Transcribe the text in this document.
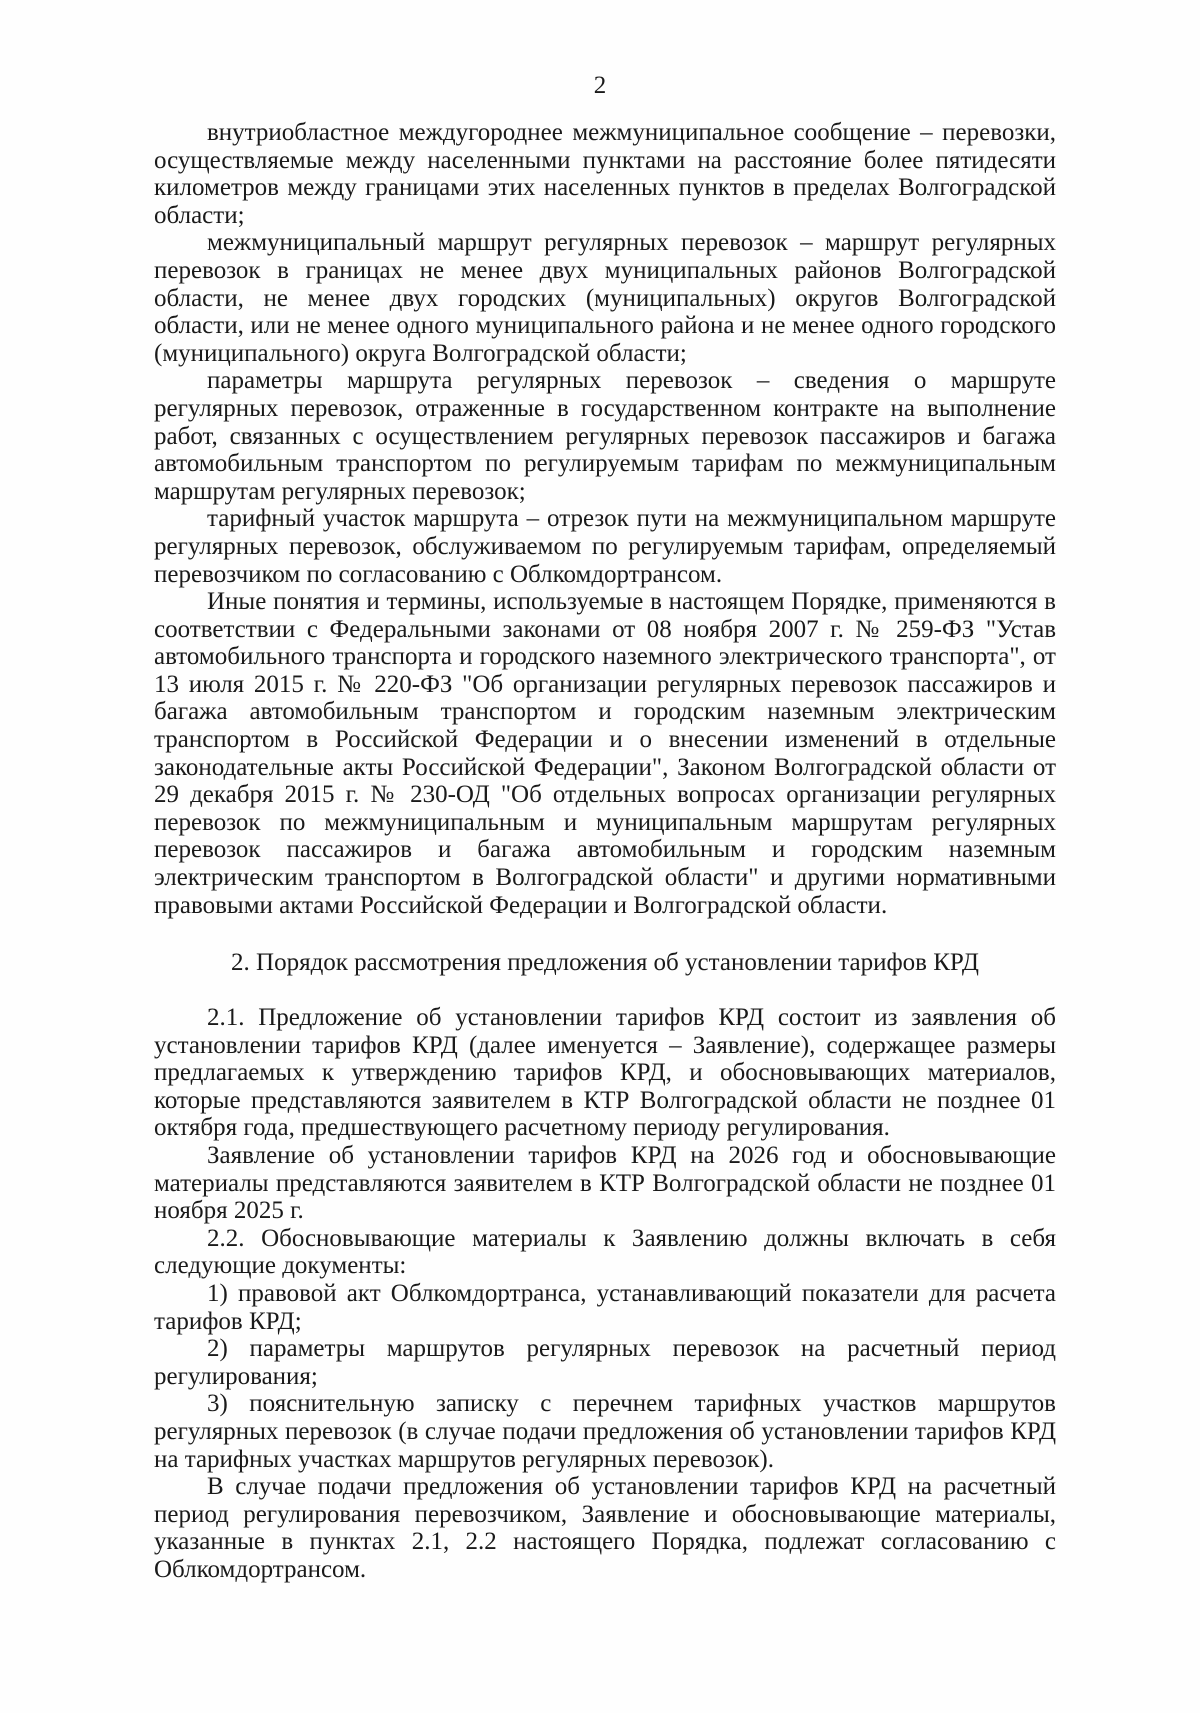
2

внутриобластное междугороднее межмуниципальное сообщение – перевозки, осуществляемые между населенными пунктами на расстояние более пятидесяти километров между границами этих населенных пунктов в пределах Волгоградской области;

межмуниципальный маршрут регулярных перевозок – маршрут регулярных перевозок в границах не менее двух муниципальных районов Волгоградской области, не менее двух городских (муниципальных) округов Волгоградской области, или не менее одного муниципального района и не менее одного городского (муниципального) округа Волгоградской области;

параметры маршрута регулярных перевозок – сведения о маршруте регулярных перевозок, отраженные в государственном контракте на выполнение работ, связанных с осуществлением регулярных перевозок пассажиров и багажа автомобильным транспортом по регулируемым тарифам по межмуниципальным маршрутам регулярных перевозок;

тарифный участок маршрута – отрезок пути на межмуниципальном маршруте регулярных перевозок, обслуживаемом по регулируемым тарифам, определяемый перевозчиком по согласованию с Облкомдортрансом.

Иные понятия и термины, используемые в настоящем Порядке, применяются в соответствии с Федеральными законами от 08 ноября 2007 г. № 259-ФЗ "Устав автомобильного транспорта и городского наземного электрического транспорта", от 13 июля 2015 г. № 220-ФЗ "Об организации регулярных перевозок пассажиров и багажа автомобильным транспортом и городским наземным электрическим транспортом в Российской Федерации и о внесении изменений в отдельные законодательные акты Российской Федерации", Законом Волгоградской области от 29 декабря 2015 г. № 230-ОД "Об отдельных вопросах организации регулярных перевозок по межмуниципальным и муниципальным маршрутам регулярных перевозок пассажиров и багажа автомобильным и городским наземным электрическим транспортом в Волгоградской области" и другими нормативными правовыми актами Российской Федерации и Волгоградской области.

2. Порядок рассмотрения предложения об установлении тарифов КРД

2.1. Предложение об установлении тарифов КРД состоит из заявления об установлении тарифов КРД (далее именуется – Заявление), содержащее размеры предлагаемых к утверждению тарифов КРД, и обосновывающих материалов, которые представляются заявителем в КТР Волгоградской области не позднее 01 октября года, предшествующего расчетному периоду регулирования.

Заявление об установлении тарифов КРД на 2026 год и обосновывающие материалы представляются заявителем в КТР Волгоградской области не позднее 01 ноября 2025 г.

2.2. Обосновывающие материалы к Заявлению должны включать в себя следующие документы:

1) правовой акт Облкомдортранса, устанавливающий показатели для расчета тарифов КРД;

2) параметры маршрутов регулярных перевозок на расчетный период регулирования;

3) пояснительную записку с перечнем тарифных участков маршрутов регулярных перевозок (в случае подачи предложения об установлении тарифов КРД на тарифных участках маршрутов регулярных перевозок).

В случае подачи предложения об установлении тарифов КРД на расчетный период регулирования перевозчиком, Заявление и обосновывающие материалы, указанные в пунктах 2.1, 2.2 настоящего Порядка, подлежат согласованию с Облкомдортрансом.
